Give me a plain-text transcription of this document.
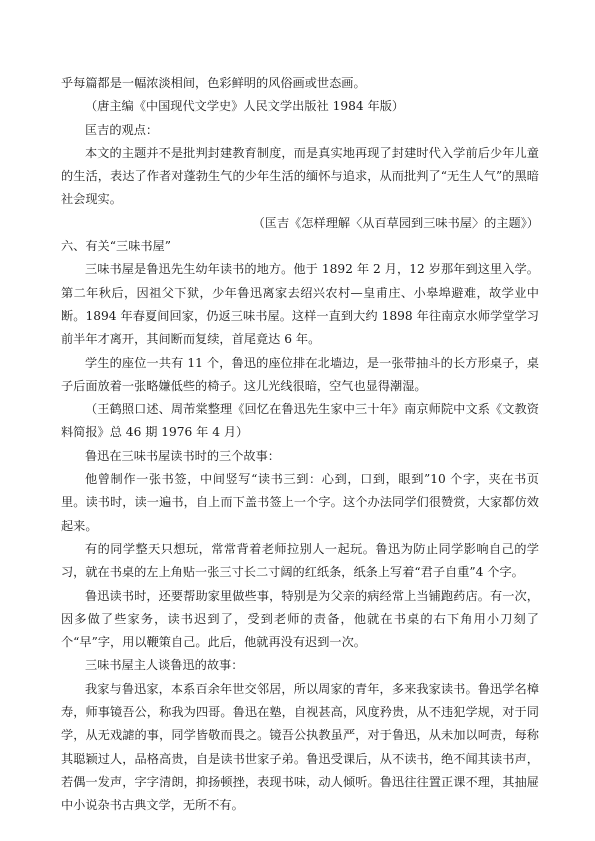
乎每篇都是一幅浓淡相间，色彩鲜明的风俗画或世态画。

（唐主编《中国现代文学史》人民文学出版社 1984 年版）

匡吉的观点：

本文的主题并不是批判封建教育制度，而是真实地再现了封建时代入学前后少年儿童的生活，表达了作者对蓬勃生气的少年生活的缅怀与追求，从而批判了“无生人气”的黑暗社会现实。

（匡吉《怎样理解〈从百草园到三味书屋〉的主题》）

六、有关“三味书屋”

三味书屋是鲁迅先生幼年读书的地方。他于 1892 年 2 月，12 岁那年到这里入学。第二年秋后，因祖父下狱，少年鲁迅离家去绍兴农村—皇甫庄、小皋埠避难，故学业中断。1894 年春夏间回家，仍返三味书屋。这样一直到大约 1898 年往南京水师学堂学习前半年才离开，其间断而复续，首尾竟达 6 年。

学生的座位一共有 11 个，鲁迅的座位排在北墙边，是一张带抽斗的长方形桌子，桌子后面放着一张略嫌低些的椅子。这儿光线很暗，空气也显得潮湿。

（王鹤照口述、周芾棠整理《回忆在鲁迅先生家中三十年》南京师院中文系《文教资料简报》总 46 期 1976 年 4 月）

鲁迅在三味书屋读书时的三个故事：

他曾制作一张书签，中间竖写“读书三到：心到，口到，眼到”10 个字，夹在书页里。读书时，读一遍书，自上而下盖书签上一个字。这个办法同学们很赞赏，大家都仿效起来。

有的同学整天只想玩，常常背着老师拉别人一起玩。鲁迅为防止同学影响自己的学习，就在书桌的左上角贴一张三寸长二寸阔的红纸条，纸条上写着“君子自重”4 个字。

鲁迅读书时，还要帮助家里做些事，特别是为父亲的病经常上当铺跑药店。有一次，因多做了些家务，读书迟到了，受到老师的责备，他就在书桌的右下角用小刀刻了个“早”字，用以鞭策自己。此后，他就再没有迟到一次。

三味书屋主人谈鲁迅的故事：

我家与鲁迅家，本系百余年世交邻居，所以周家的青年，多来我家读书。鲁迅学名樟寿，师事镜吾公，称我为四哥。鲁迅在塾，自视甚高，风度矜贵，从不违犯学规，对于同学，从无戏謔的事，同学皆敬而畏之。镜吾公执教虽严，对于鲁迅，从未加以呵责，每称其聪颖过人，品格高贵，自是读书世家子弟。鲁迅受课后，从不读书，绝不闻其读书声，若偶一发声，字字清朗，抑扬顿挫，表现书味，动人倾听。鲁迅往往置正课不理，其抽屉中小说杂书古典文学，无所不有。
